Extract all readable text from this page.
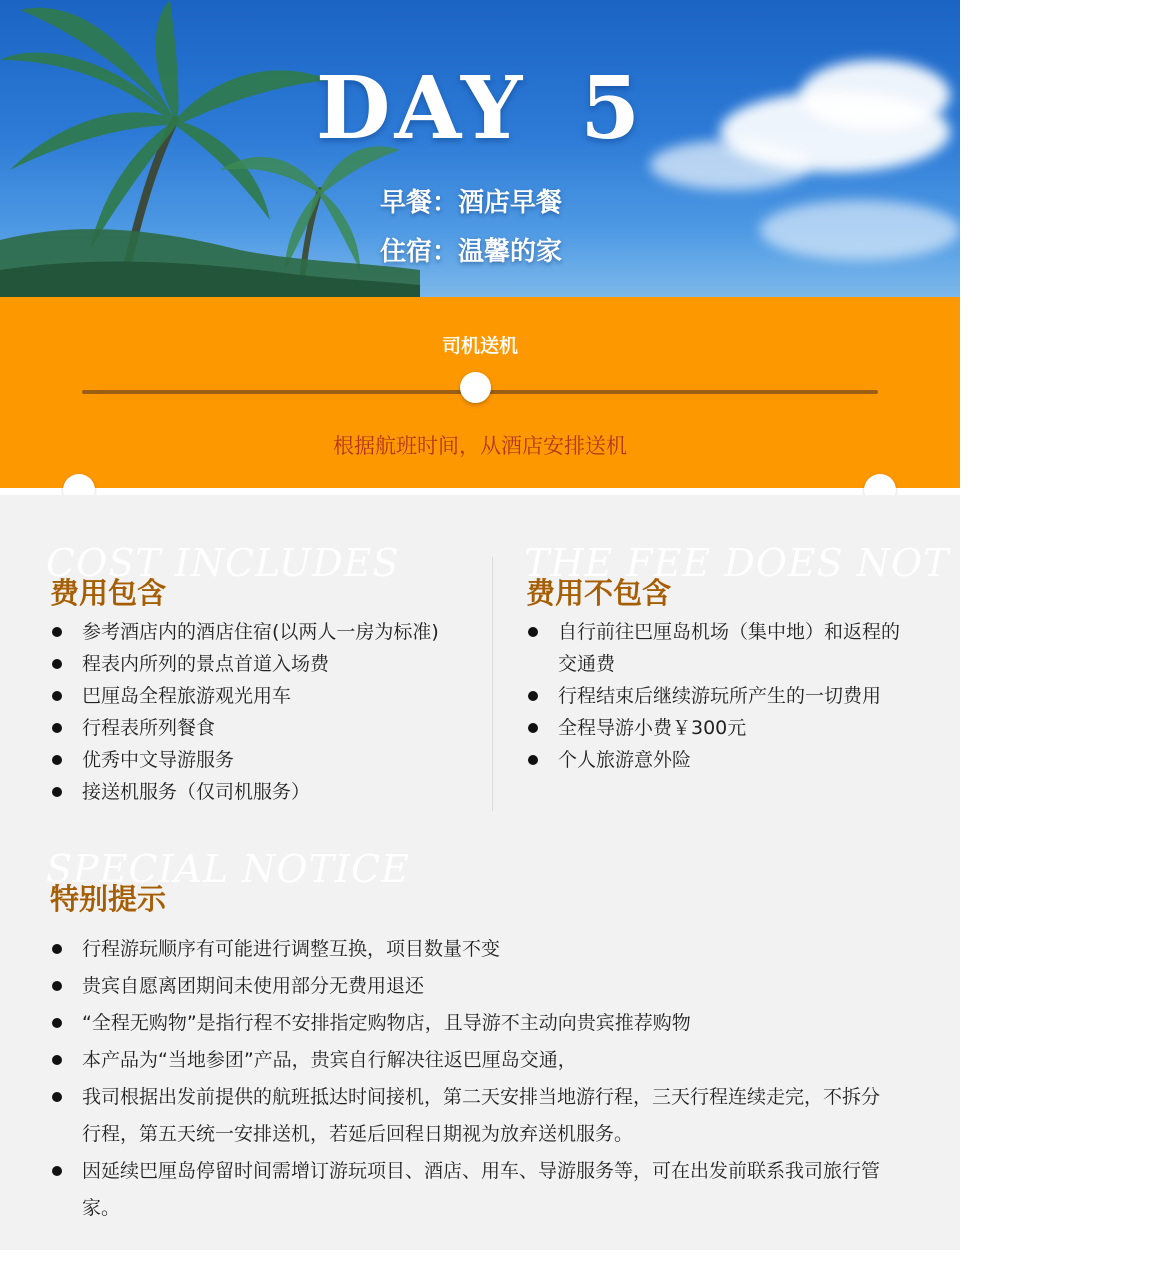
DAY 5
早餐：酒店早餐
住宿：温馨的家
司机送机
根据航班时间，从酒店安排送机
COST INCLUDES
费用包含
参考酒店内的酒店住宿(以两人一房为标准)
程表内所列的景点首道入场费
巴厘岛全程旅游观光用车
行程表所列餐食
优秀中文导游服务
接送机服务（仅司机服务）
THE FEE DOES NOT INCLUDE
费用不包含
自行前往巴厘岛机场（集中地）和返程的交通费
行程结束后继续游玩所产生的一切费用
全程导游小费￥300元
个人旅游意外险
SPECIAL NOTICE
特别提示
行程游玩顺序有可能进行调整互换，项目数量不变
贵宾自愿离团期间未使用部分无费用退还
“全程无购物”是指行程不安排指定购物店，且导游不主动向贵宾推荐购物
本产品为“当地参团”产品，贵宾自行解决往返巴厘岛交通，
我司根据出发前提供的航班抵达时间接机，第二天安排当地游行程，三天行程连续走完，不拆分行程，第五天统一安排送机，若延后回程日期视为放弃送机服务。
因延续巴厘岛停留时间需增订游玩项目、酒店、用车、导游服务等，可在出发前联系我司旅行管家。
